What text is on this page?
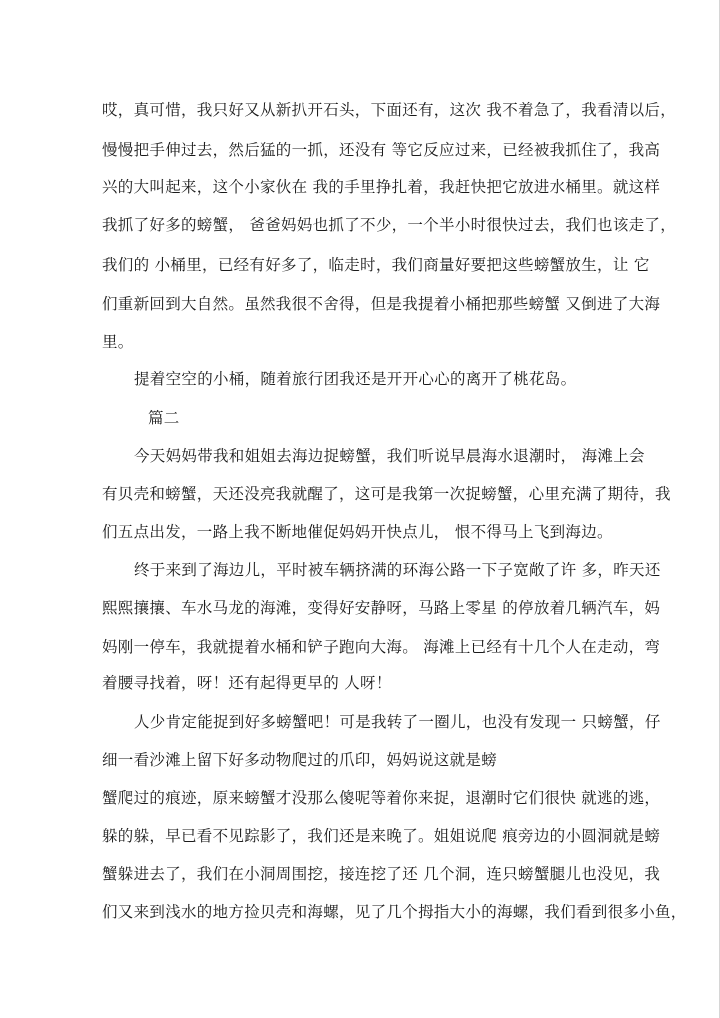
哎，真可惜，我只好又从新扒开石头，下面还有，这次 我不着急了，我看清以后，
慢慢把手伸过去，然后猛的一抓，还没有 等它反应过来，已经被我抓住了，我高
兴的大叫起来，这个小家伙在 我的手里挣扎着，我赶快把它放进水桶里。就这样
我抓了好多的螃蟹， 爸爸妈妈也抓了不少，一个半小时很快过去，我们也该走了，
我们的 小桶里，已经有好多了，临走时，我们商量好要把这些螃蟹放生，让 它
们重新回到大自然。虽然我很不舍得，但是我提着小桶把那些螃蟹 又倒进了大海
里。
提着空空的小桶，随着旅行团我还是开开心心的离开了桃花岛。
篇二
今天妈妈带我和姐姐去海边捉螃蟹，我们听说早晨海水退潮时， 海滩上会
有贝壳和螃蟹，天还没亮我就醒了，这可是我第一次捉螃蟹，心里充满了期待，我
们五点出发，一路上我不断地催促妈妈开快点儿， 恨不得马上飞到海边。
终于来到了海边儿，平时被车辆挤满的环海公路一下子宽敞了许 多，昨天还
熙熙攘攘、车水马龙的海滩，变得好安静呀，马路上零星 的停放着几辆汽车，妈
妈刚一停车，我就提着水桶和铲子跑向大海。 海滩上已经有十几个人在走动，弯
着腰寻找着，呀！还有起得更早的 人呀！
人少肯定能捉到好多螃蟹吧！可是我转了一圈儿，也没有发现一 只螃蟹，仔
细一看沙滩上留下好多动物爬过的爪印，妈妈说这就是螃
蟹爬过的痕迹，原来螃蟹才没那么傻呢等着你来捉，退潮时它们很快 就逃的逃，
躲的躲，早已看不见踪影了，我们还是来晚了。姐姐说爬 痕旁边的小圆洞就是螃
蟹躲进去了，我们在小洞周围挖，接连挖了还 几个洞，连只螃蟹腿儿也没见，我
们又来到浅水的地方捡贝壳和海螺，见了几个拇指大小的海螺，我们看到很多小鱼，
